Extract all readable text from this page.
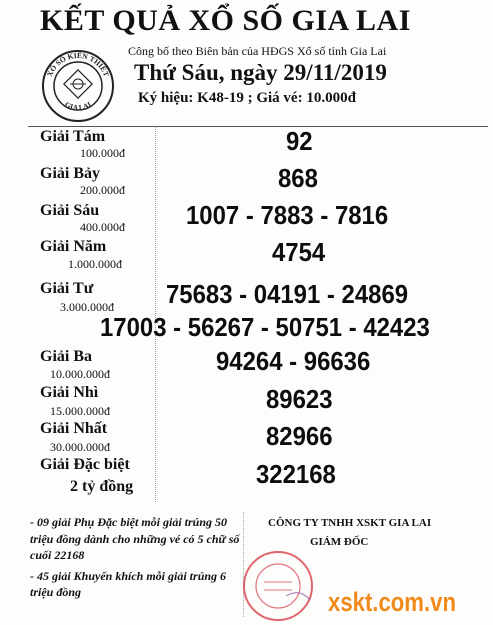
KẾT QUẢ XỔ SỐ GIA LAI
XỔ SỐ KIẾN THIẾT
GIA LAI
Công bố theo Biên bản của HĐGS Xổ số tỉnh Gia Lai
Thứ Sáu, ngày 29/11/2019
Ký hiệu: K48-19 ; Giá vé: 10.000đ
Giải Tám
100.000đ	92
Giải Bảy
200.000đ	868
Giải Sáu
400.000đ 1007 - 7883 - 7816
Giải Năm
1.000.000đ	4754
Giải Tư
3.000.000đ 75683 - 04191 - 24869
17003 - 56267 - 50751 - 42423
Giải Ba
10.000.000đ	94264 - 96636
Giải Nhì
15.000.000đ	89623
Giải Nhất
30.000.000đ	82966
Giải Đặc biệt
2 tỷ đồng	322168

- 09 giải Phụ Đặc biệt mỗi giải trúng 50 triệu đồng dành cho những vé có 5 chữ số cuối 22168

- 45 giải Khuyến khích mỗi giải trúng 6 triệu đồng

CÔNG TY TNHH XSKT GIA LAI
GIÁM ĐỐC
xskt.com.vn
